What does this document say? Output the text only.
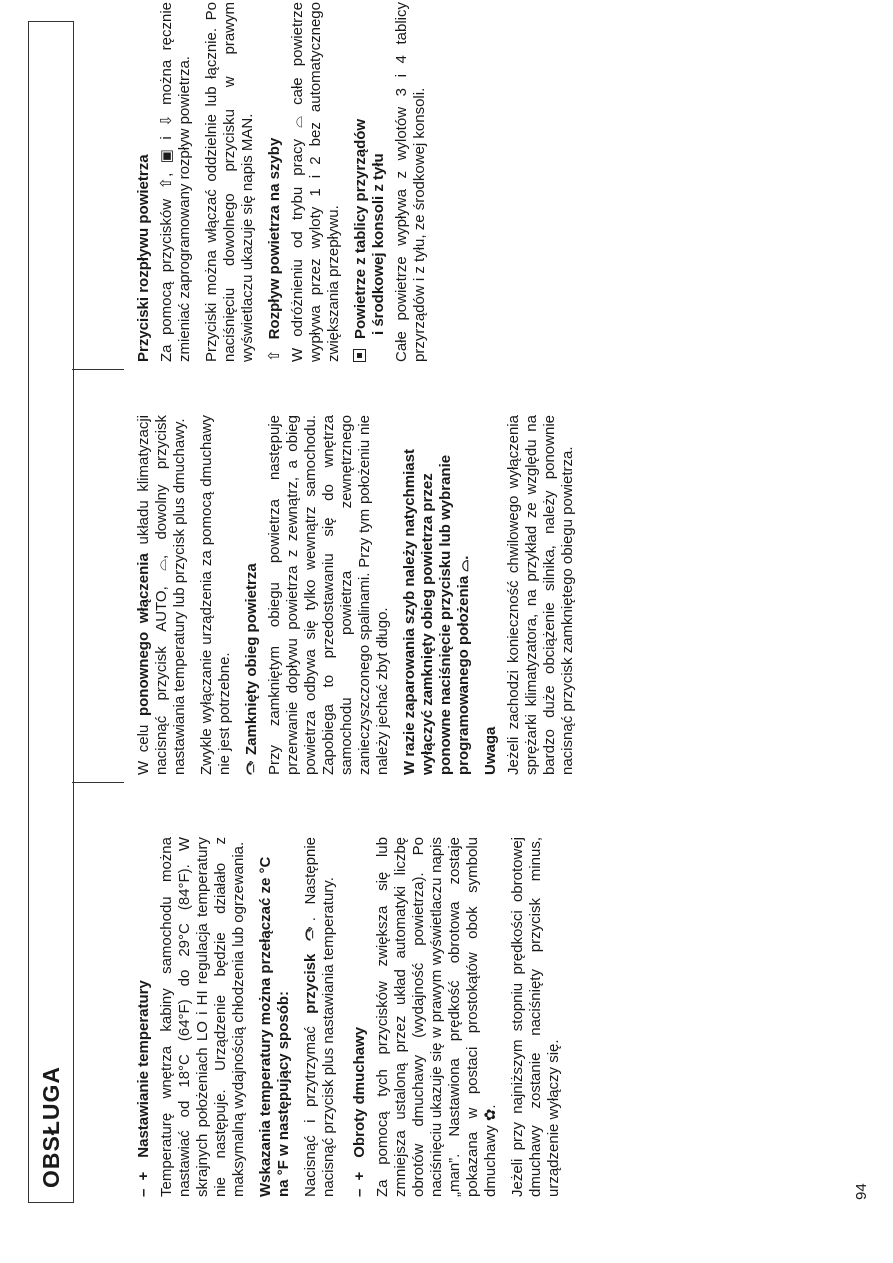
OBSŁUGA	– +Nastawianie temperatury Temperaturę wnętrza kabiny samochodu można nastawiać od 18°C (64°F) do 29°C (84°F). W skrajnych położeniach LO i HI regulacja temperatury nie następuje. Urządzenie będzie działało z maksymalną wydajnością chłodzenia lub ogrzewania. Wskazania temperatury można przełączać ze °C na °F w następujący sposób: Nacisnąć i przytrzymać przycisk . Następnie nacisnąć przycisk plus nastawiania temperatury. – +Obroty dmuchawy Za pomocą tych przycisków zwiększa się lub zmniejsza ustaloną przez układ automatyki liczbę obrotów dmuchawy (wydajność powietrza). Po naciśnięciu ukazuje się w prawym wyświetlaczu napis „man”. Nastawiona prędkość obrotowa zostaje pokazana w postaci prostokątów obok symbolu dmuchawy ✿. Jeżeli przy najniższym stopniu prędkości obrotowej dmuchawy zostanie naciśnięty przycisk minus, urządzenie wyłączy się.

W celu ponownego włączenia układu klimatyzacji nacisnąć przycisk AUTO, ⌓, dowolny przycisk nastawiania temperatury lub przycisk plus dmuchawy. Zwykle wyłączanie urządzenia za pomocą dmuchawy nie jest potrzebne. Zamknięty obieg powietrza Przy zamkniętym obiegu powietrza następuje przerwanie dopływu powietrza z zewnątrz, a obieg powietrza odbywa się tylko wewnątrz samochodu. Zapobiega to przedostawaniu się do wnętrza samochodu powietrza zewnętrznego zanieczyszczonego spalinami. Przy tym położeniu nie należy jechać zbyt długo. W razie zaparowania szyb należy natychmiast wyłączyć zamknięty obieg powietrza przez ponowne naciśnięcie przycisku lub wybranie programowanego położenia ⌓. Uwaga Jeżeli zachodzi konieczność chwilowego wyłączenia sprężarki klimatyzatora, na przykład ze względu na bardzo duże obciążenie silnika, należy ponownie nacisnąć przycisk zamkniętego obiegu powietrza.

Przyciski rozpływu powietrza Za pomocą przycisków ⇧, ▣ i ⇩ można ręcznie zmieniać zaprogramowany rozpływ powietrza. Przyciski można włączać oddzielnie lub łącznie. Po naciśnięciu dowolnego przycisku w prawym wyświetlaczu ukazuje się napis MAN. ⇧Rozpływ powietrza na szyby W odróżnieniu od trybu pracy ⌓ całe powietrze wypływa przez wyloty 1 i 2 bez automatycznego zwiększania przepływu. Powietrze z tablicy przyrządów
i środkowej konsoli z tyłu Całe powietrze wypływa z wylotów 3 i 4 tablicy przyrządów i z tyłu, ze środkowej konsoli.

94
